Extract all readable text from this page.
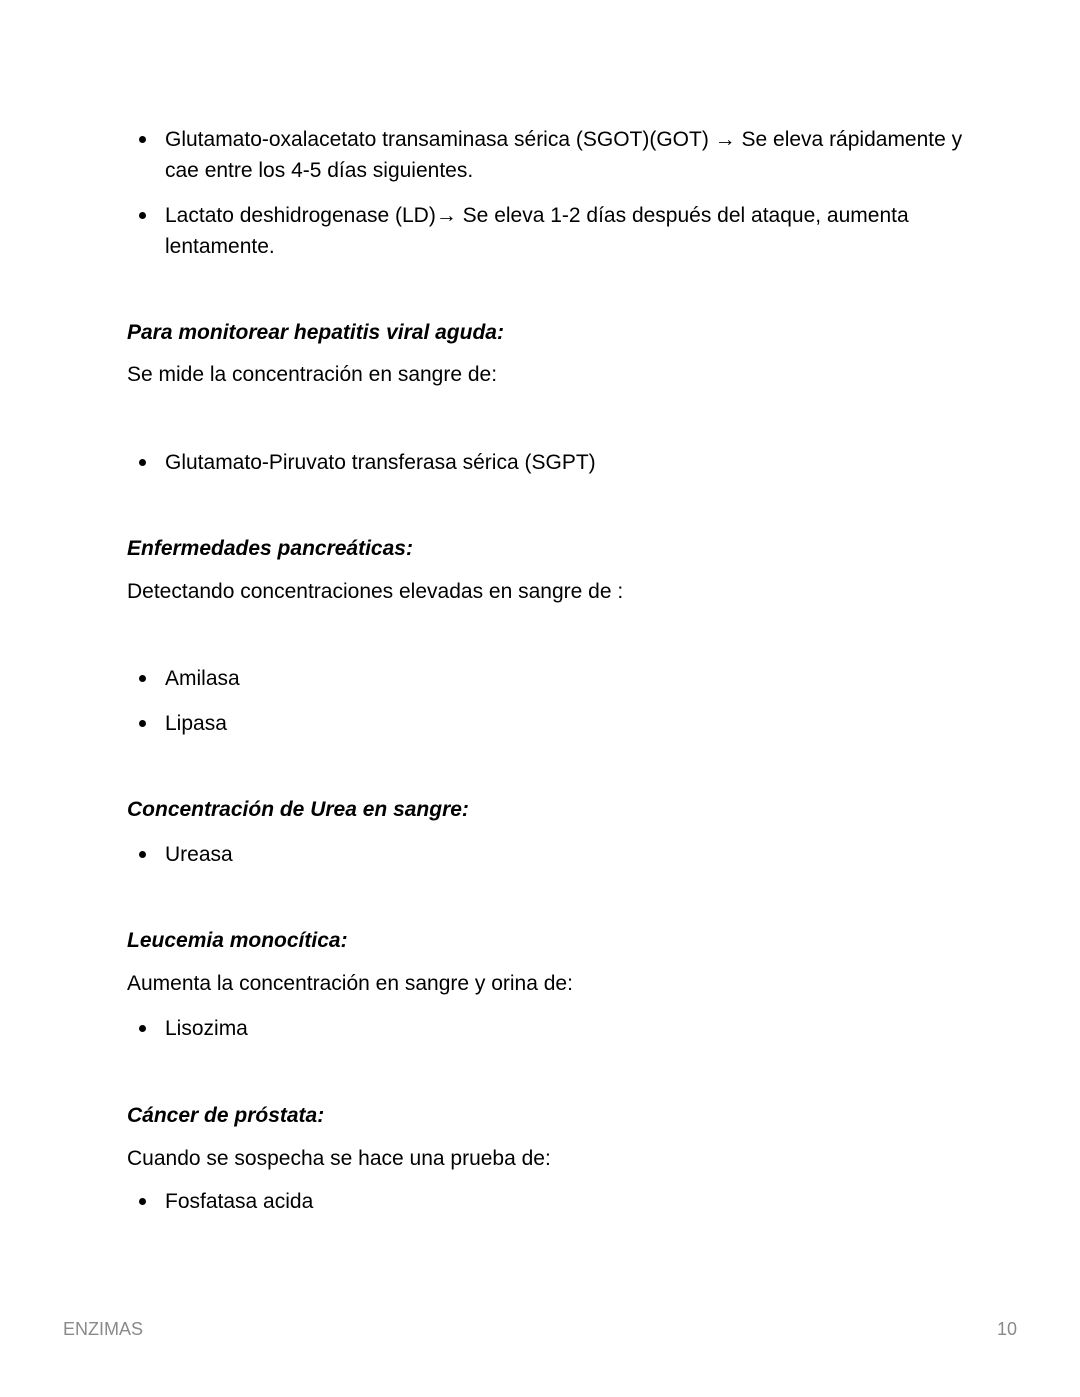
Glutamato-oxalacetato transaminasa sérica (SGOT)(GOT) → Se eleva rápidamente y cae entre los 4-5 días siguientes.
Lactato deshidrogenase (LD)→ Se eleva 1-2 días después del ataque, aumenta lentamente.

Para monitorear hepatitis viral aguda:

Se mide la concentración en sangre de:

Glutamato-Piruvato transferasa sérica (SGPT)

Enfermedades pancreáticas:

Detectando concentraciones elevadas en sangre de :

Amilasa
Lipasa

Concentración de Urea en sangre:

Ureasa

Leucemia monocítica:

Aumenta la concentración en sangre y orina de:

Lisozima

Cáncer de próstata:

Cuando se sospecha se hace una prueba de:

Fosfatasa acida
ENZIMAS	10
